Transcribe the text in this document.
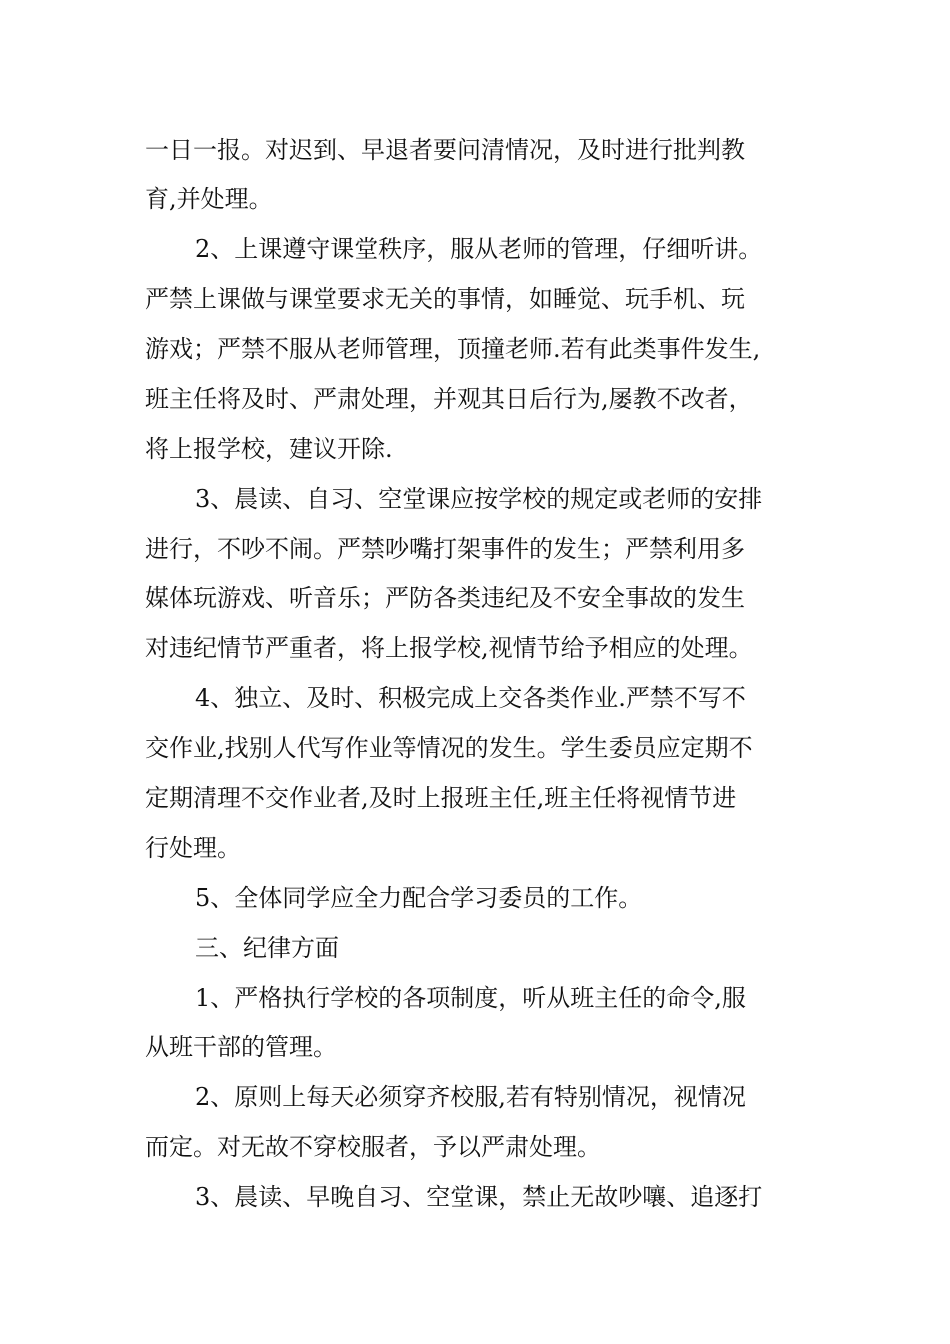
一日一报。对迟到、早退者要问清情况，及时进行批判教
育,并处理。
2、上课遵守课堂秩序，服从老师的管理，仔细听讲。
严禁上课做与课堂要求无关的事情，如睡觉、玩手机、玩
游戏；严禁不服从老师管理，顶撞老师.若有此类事件发生,
班主任将及时、严肃处理，并观其日后行为,屡教不改者，
将上报学校，建议开除.
3、晨读、自习、空堂课应按学校的规定或老师的安排
进行，不吵不闹。严禁吵嘴打架事件的发生；严禁利用多
媒体玩游戏、听音乐；严防各类违纪及不安全事故的发生
对违纪情节严重者，将上报学校,视情节给予相应的处理。
4、独立、及时、积极完成上交各类作业.严禁不写不
交作业,找别人代写作业等情况的发生。学生委员应定期不
定期清理不交作业者,及时上报班主任,班主任将视情节进
行处理。
5、全体同学应全力配合学习委员的工作。
三、纪律方面
1、严格执行学校的各项制度，听从班主任的命令,服
从班干部的管理。
2、原则上每天必须穿齐校服,若有特别情况，视情况
而定。对无故不穿校服者，予以严肃处理。
3、晨读、早晚自习、空堂课，禁止无故吵嚷、追逐打
